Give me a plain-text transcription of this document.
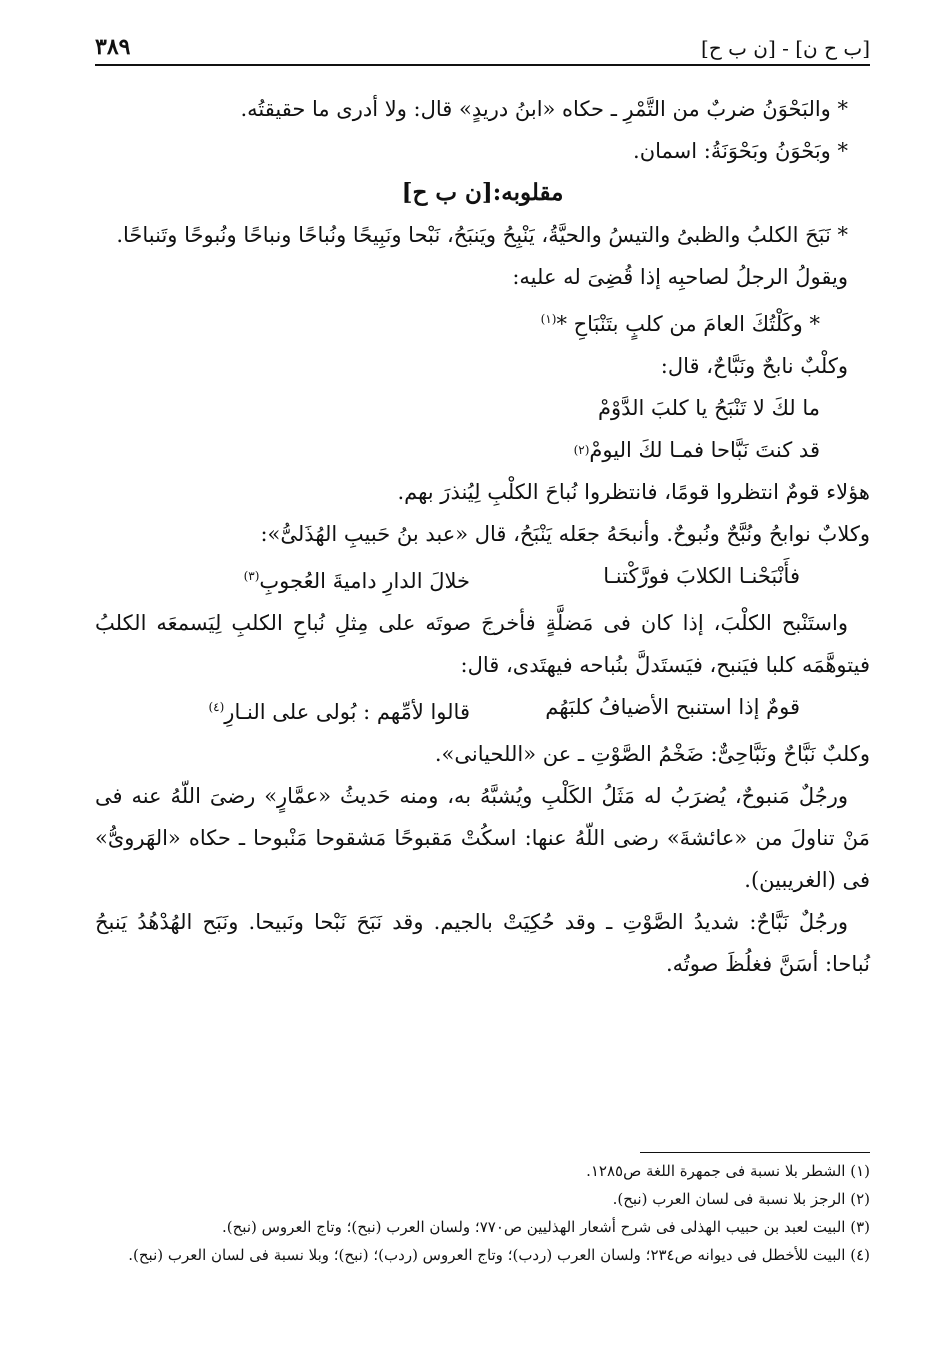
[ب ح ن] - [ن ب ح]
٣٨٩

* والبَحْوَنُ ضربٌ من التَّمْرِ ـ حكاه «ابنُ دريدٍ» قال: ولا أدرى ما حقيقتُه.

* وبَحْوَنُ وبَحْوَنَةُ: اسمان.

مقلوبه:[ن ب ح]

* نَبَحَ الكلبُ والظبىُ والتيسُ والحيَّةُ، يَنْبِحُ ويَنبَحُ، نَبْحا ونَبِيحًا ونُباحًا ونباحًا ونُبوحًا وتَنباحًا.

ويقولُ الرجلُ لصاحبِه إذا قُضِىَ له عليه:

* وكَلْتُكَ العامَ من كلبٍ بتَنْبَاحِ *$^{(١)}$

وكلْبٌ نابحٌ ونَبَّاحٌ، قال:

ما لكَ لا تَنْبَحُ يا كلبَ الدَّوْمْ

قد كنتَ نَبَّاحا فمـا لكَ اليومْ
(٢)

هؤلاء قومٌ انتظروا قومًا، فانتظروا نُباحَ الكلْبِ لِيُنذرَ بهم.

وكلابٌ نوابحُ ونُبَّحٌ ونُبوحٌ. وأنبحَهُ جعَله يَنْبَحُ، قال «عبد بنُ حَبيبِ الهُذَلىُّ»:

فأَنْبَحْنـا الكلابَ فورَّكْتنـا
خلالَ الدارِ داميةَ العُجوبِ$^{(٣)}$

واستَنْبح الكلْبَ، إذا كان فى مَضلَّةٍ فأخرجَ صوتَه على مِثلِ نُباحِ الكلبِ لِيَسمعَه الكلبُ فيتوهَّمَه كلبا فيَنبح، فيَستَدلَّ بنُباحه فيهتَدى، قال:

قومٌ إذا استنبح الأضيافُ كلبَهُم
قالوا لأمِّهم : بُولى على النـارِ$^{(٤)}$

وكلبٌ نَبَّاحٌ ونَبَّاحِىٌّ: ضَخْمُ الصَّوْتِ ـ عن «اللحيانى».

ورجُلٌ مَنبوحٌ، يُضرَبُ له مَثَلُ الكَلْبِ ويُشبَّهُ به، ومنه حَديثُ «عمَّارٍ» رضىَ اللّهُ عنه فى مَنْ تناولَ من «عائشةَ» رضى اللّهُ عنها: اسكُتْ مَقبوحًا مَشقوحا مَنْبوحا ـ حكاه «الهَروىُّ» فى (الغريبين).

ورجُلٌ نَبَّاحٌ: شديدُ الصَّوْتِ ـ وقد حُكِيَتْ بالجيم. وقد نَبَحَ نَبْحا ونَبيحا. ونَبَح الهُدْهُدُ يَنبحُ نُباحا: أسَنَّ فغلُظَ صوتُه.

(١) الشطر بلا نسبة فى جمهرة اللغة ص١٢٨٥.

(٢) الرجز بلا نسبة فى لسان العرب (نبح).

(٣) البيت لعبد بن حبيب الهذلى فى شرح أشعار الهذليين ص٧٧٠؛ ولسان العرب (نبح)؛ وتاج العروس (نبح).

(٤) البيت للأخطل فى ديوانه ص٢٣٤؛ ولسان العرب (ردب)؛ وتاج العروس (ردب)؛ (نبح)؛ وبلا نسبة فى لسان العرب (نبح).
